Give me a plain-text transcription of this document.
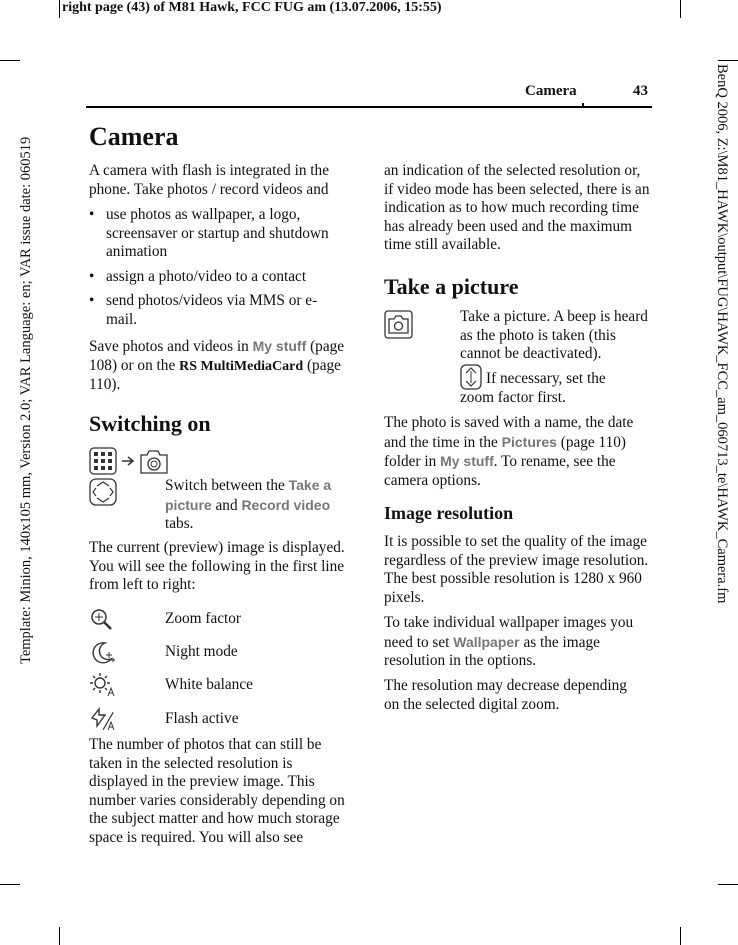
right page (43) of M81 Hawk, FCC FUG am (13.07.2006, 15:55)
Template: Minion, 140x105 mm, Version 2.0; VAR Language: en; VAR issue date: 060519	BenQ 2006, Z:\M81_HAWK\output\FUG\HAWK_FCC_am_060713_te\HAWK_Camera.fm
Camera	43
Camera
A camera with flash is integrated in the phone. Take photos / record videos and
• use photos as wallpaper, a logo, screensaver or startup and shutdown animation
• assign a photo/video to a contact
• send photos/videos via MMS or e-mail.
Save photos and videos in My stuff (page 108) or on the RS MultiMediaCard (page 110).
Switching on
Switch between the Take a picture and Record video tabs.
The current (preview) image is displayed. You will see the following in the first line from left to right:
Zoom factor
Night mode
White balance
Flash active
The number of photos that can still be taken in the selected resolution is displayed in the preview image. This number varies considerably depending on the subject matter and how much storage space is required. You will also see
an indication of the selected resolution or, if video mode has been selected, there is an indication as to how much recording time has already been used and the maximum time still available.
Take a picture
Take a picture. A beep is heard as the photo is taken (this cannot be deactivated).
If necessary, set the zoom factor first.
The photo is saved with a name, the date and the time in the Pictures (page 110) folder in My stuff. To rename, see the camera options.
Image resolution
It is possible to set the quality of the image regardless of the preview image resolution. The best possible resolution is 1280 x 960 pixels.
To take individual wallpaper images you need to set Wallpaper as the image resolution in the options.
The resolution may decrease depending on the selected digital zoom.
